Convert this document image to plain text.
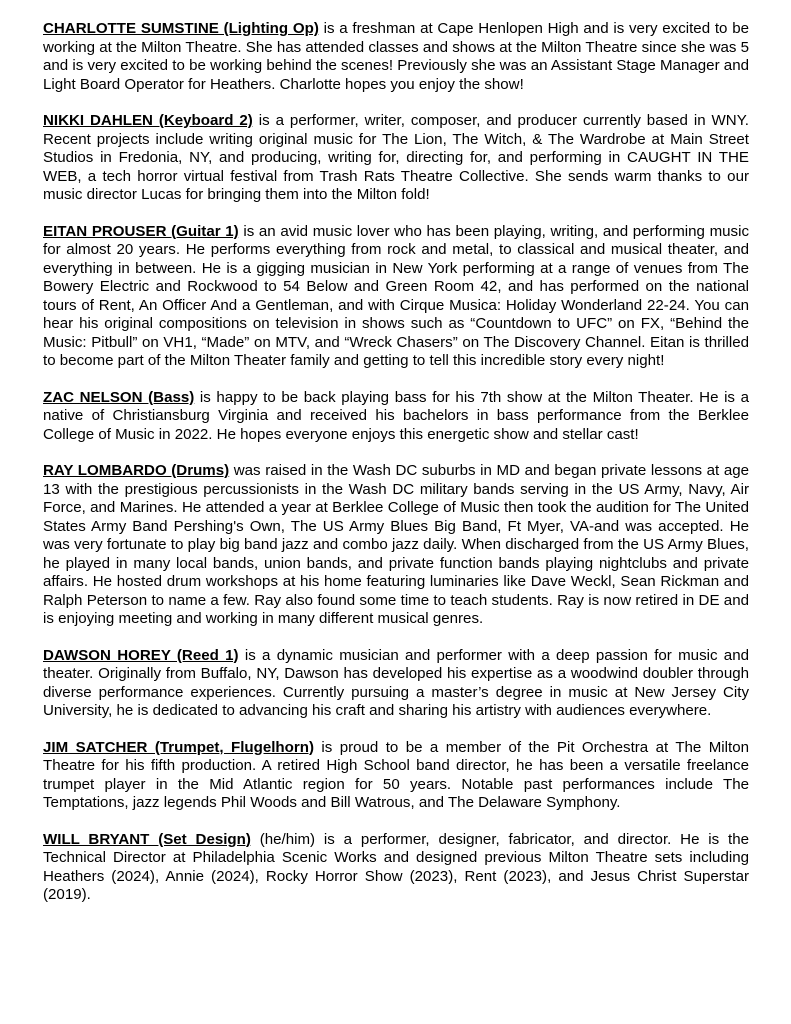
CHARLOTTE SUMSTINE (Lighting Op) is a freshman at Cape Henlopen High and is very excited to be working at the Milton Theatre. She has attended classes and shows at the Milton Theatre since she was 5 and is very excited to be working behind the scenes! Previously she was an Assistant Stage Manager and Light Board Operator for Heathers. Charlotte hopes you enjoy the show!

NIKKI DAHLEN (Keyboard 2) is a performer, writer, composer, and producer currently based in WNY. Recent projects include writing original music for The Lion, The Witch, & The Wardrobe at Main Street Studios in Fredonia, NY, and producing, writing for, directing for, and performing in CAUGHT IN THE WEB, a tech horror virtual festival from Trash Rats Theatre Collective. She sends warm thanks to our music director Lucas for bringing them into the Milton fold!

EITAN PROUSER (Guitar 1) is an avid music lover who has been playing, writing, and performing music for almost 20 years. He performs everything from rock and metal, to classical and musical theater, and everything in between. He is a gigging musician in New York performing at a range of venues from The Bowery Electric and Rockwood to 54 Below and Green Room 42, and has performed on the national tours of Rent, An Officer And a Gentleman, and with Cirque Musica: Holiday Wonderland 22-24. You can hear his original compositions on television in shows such as “Countdown to UFC” on FX, “Behind the Music: Pitbull” on VH1, “Made” on MTV, and “Wreck Chasers” on The Discovery Channel. Eitan is thrilled to become part of the Milton Theater family and getting to tell this incredible story every night!

ZAC NELSON (Bass) is happy to be back playing bass for his 7th show at the Milton Theater. He is a native of Christiansburg Virginia and received his bachelors in bass performance from the Berklee College of Music in 2022. He hopes everyone enjoys this energetic show and stellar cast!

RAY LOMBARDO (Drums) was raised in the Wash DC suburbs in MD and began private lessons at age 13 with the prestigious percussionists in the Wash DC military bands serving in the US Army, Navy, Air Force, and Marines. He attended a year at Berklee College of Music then took the audition for The United States Army Band Pershing's Own, The US Army Blues Big Band, Ft Myer, VA-and was accepted. He was very fortunate to play big band jazz and combo jazz daily. When discharged from the US Army Blues, he played in many local bands, union bands, and private function bands playing nightclubs and private affairs. He hosted drum workshops at his home featuring luminaries like Dave Weckl, Sean Rickman and Ralph Peterson to name a few. Ray also found some time to teach students. Ray is now retired in DE and is enjoying meeting and working in many different musical genres.

DAWSON HOREY (Reed 1) is a dynamic musician and performer with a deep passion for music and theater. Originally from Buffalo, NY, Dawson has developed his expertise as a woodwind doubler through diverse performance experiences. Currently pursuing a master’s degree in music at New Jersey City University, he is dedicated to advancing his craft and sharing his artistry with audiences everywhere.

JIM SATCHER (Trumpet, Flugelhorn) is proud to be a member of the Pit Orchestra at The Milton Theatre for his fifth production. A retired High School band director, he has been a versatile freelance trumpet player in the Mid Atlantic region for 50 years. Notable past performances include The Temptations, jazz legends Phil Woods and Bill Watrous, and The Delaware Symphony.

WILL BRYANT (Set Design) (he/him) is a performer, designer, fabricator, and director. He is the Technical Director at Philadelphia Scenic Works and designed previous Milton Theatre sets including Heathers (2024), Annie (2024), Rocky Horror Show (2023), Rent (2023), and Jesus Christ Superstar (2019).
